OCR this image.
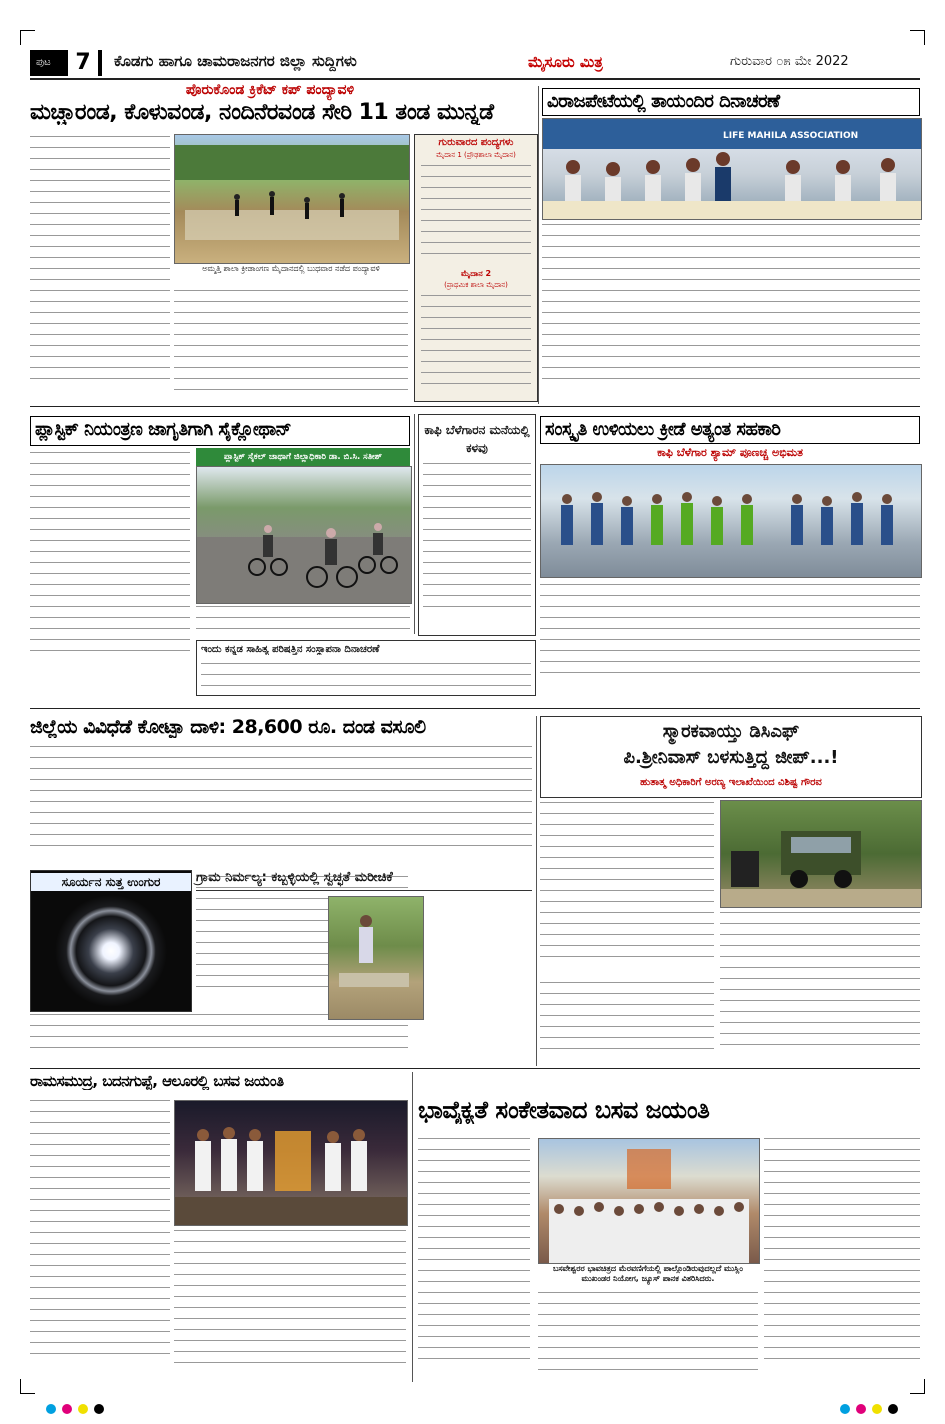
ಪುಟ	7	ಕೊಡಗು ಹಾಗೂ ಚಾಮರಾಜನಗರ ಜಿಲ್ಲಾ ಸುದ್ದಿಗಳು	ಮೈಸೂರು ಮಿತ್ರ	ಗುರುವಾರ ೦೫ ಮೇ 2022
ಪೊರುಕೊಂಡ ಕ್ರಿಕೆಟ್ ಕಪ್ ಪಂದ್ಯಾವಳಿ
ಮಚ್ಚಾರಂಡ, ಕೊಳುವಂಡ, ನಂದಿನೆರವಂಡ ಸೇರಿ 11 ತಂಡ ಮುನ್ನಡೆ
ಅಮ್ಮತ್ತಿ ಶಾಲಾ ಕ್ರೀಡಾಂಗಣ ಮೈದಾನದಲ್ಲಿ ಬುಧವಾರ ನಡೆದ ಪಂದ್ಯಾವಳಿ
ಗುರುವಾರದ ಪಂದ್ಯಗಳು
ಮೈದಾನ 1 (ಪ್ರೌಢಶಾಲಾ ಮೈದಾನ)
ಮೈದಾನ 2
(ಪ್ರಾಥಮಿಕ ಶಾಲಾ ಮೈದಾನ)
ವಿರಾಜಪೇಟೆಯಲ್ಲಿ ತಾಯಂದಿರ ದಿನಾಚರಣೆ
LIFE MAHILA ASSOCIATION
ಪ್ಲಾಸ್ಟಿಕ್ ನಿಯಂತ್ರಣ ಜಾಗೃತಿಗಾಗಿ ಸೈಕ್ಲೋಥಾನ್
ಪ್ಲಾಸ್ಟಿಕ್ ಸೈಕಲ್ ಜಾಥಾಗೆ ಜಿಲ್ಲಾಧಿಕಾರಿ ಡಾ. ಬಿ.ಸಿ. ಸತೀಶ್
ಕಾಫಿ ಬೆಳೆಗಾರನ ಮನೆಯಲ್ಲಿ ಕಳವು
ಇಂದು ಕನ್ನಡ ಸಾಹಿತ್ಯ ಪರಿಷತ್ತಿನ ಸಂಸ್ಥಾಪನಾ ದಿನಾಚರಣೆ
ಸಂಸ್ಕೃತಿ ಉಳಿಯಲು ಕ್ರೀಡೆ ಅತ್ಯಂತ ಸಹಕಾರಿ
ಕಾಫಿ ಬೆಳೆಗಾರ ಶ್ಯಾಮ್ ಪೂಣಚ್ಚ ಅಭಿಮತ
ಜಿಲ್ಲೆಯ ವಿವಿಧೆಡೆ ಕೋಟ್ಪಾ ದಾಳಿ: 28,600 ರೂ. ದಂಡ ವಸೂಲಿ	ಸ್ಮಾರಕವಾಯ್ತು ಡಿಸಿಎಫ್
ಪಿ.ಶ್ರೀನಿವಾಸ್ ಬಳಸುತ್ತಿದ್ದ ಜೀಪ್...!
ಹುತಾತ್ಮ ಅಧಿಕಾರಿಗೆ ಅರಣ್ಯ ಇಲಾಖೆಯಿಂದ ವಿಶಿಷ್ಟ ಗೌರವ
ಸೂರ್ಯನ ಸುತ್ತ ಉಂಗುರ	ಗ್ರಾಮ ನಿರ್ಮಲ್ಯ: ಕಬ್ಬಳ್ಳಿಯಲ್ಲಿ ಸ್ವಚ್ಛತೆ ಮರೀಚಿಕೆ
ರಾಮಸಮುದ್ರ, ಬದನಗುಪ್ಪೆ, ಆಲೂರಲ್ಲಿ ಬಸವ ಜಯಂತಿ
ಭಾವೈಕ್ಯತೆ ಸಂಕೇತವಾದ ಬಸವ ಜಯಂತಿ
ಬಸವೇಶ್ವರರ ಭಾವಚಿತ್ರದ ಮೆರವಣಿಗೆಯಲ್ಲಿ ಪಾಲ್ಗೊಂಡಿರುವುದಲ್ಲದೆ ಮುಸ್ಲಿಂ ಮುಖಂಡರ ನಿಯೋಗ, ಜ್ಯೂಸ್ ಪಾನಕ ವಿತರಿಸಿದರು.
